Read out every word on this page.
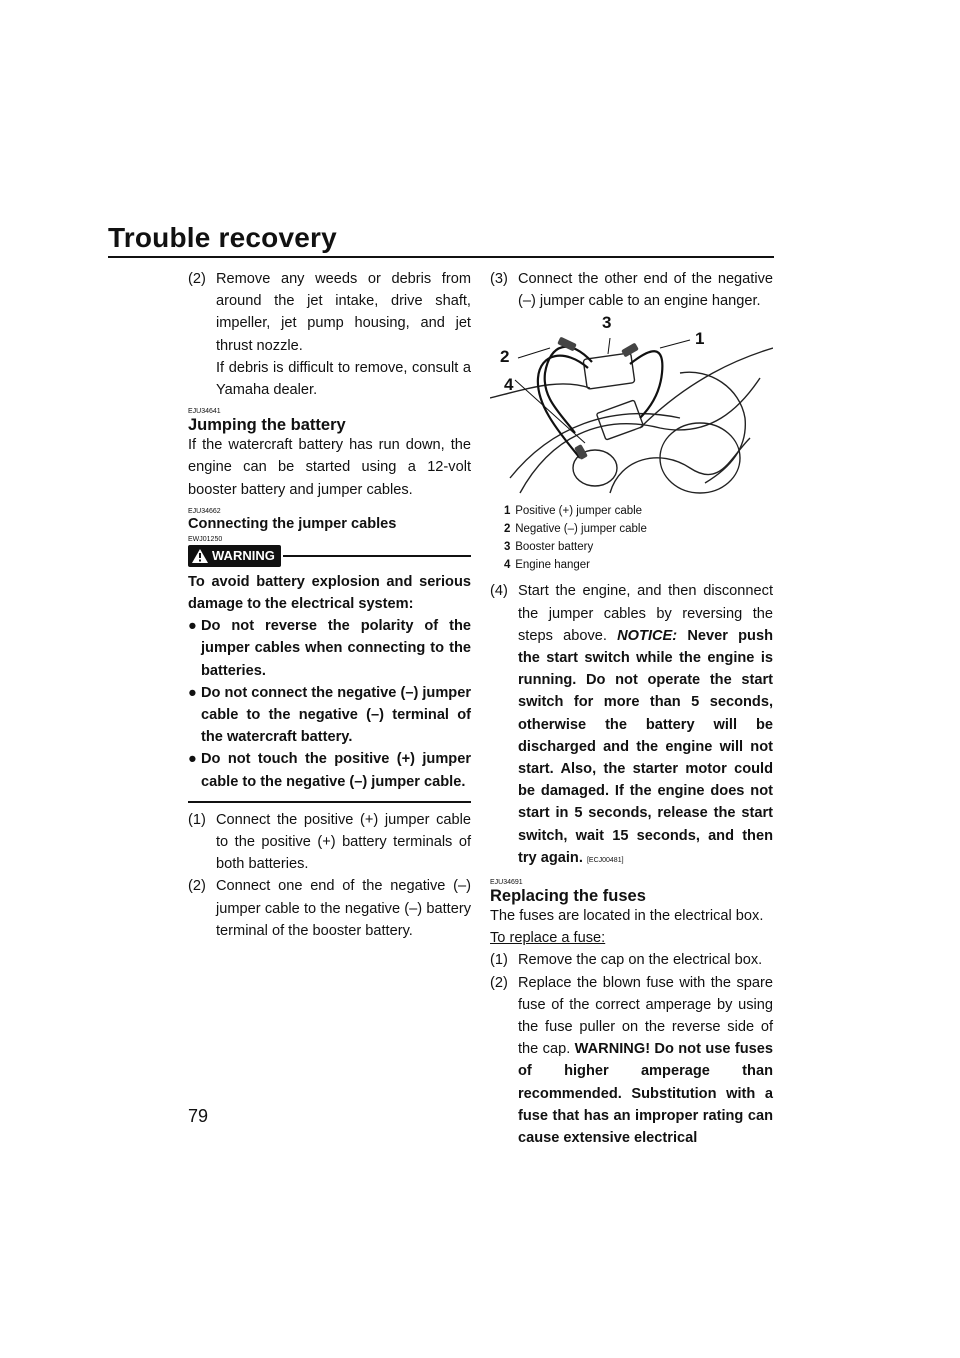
Trouble recovery
(2) Remove any weeds or debris from around the jet intake, drive shaft, impeller, jet pump housing, and jet thrust nozzle.

If debris is difficult to remove, consult a Yamaha dealer.

EJU34641
Jumping the battery

If the watercraft battery has run down, the engine can be started using a 12-volt booster battery and jumper cables.

EJU34662
Connecting the jumper cables
EWJ01250
WARNING

To avoid battery explosion and serious damage to the electrical system:

● Do not reverse the polarity of the jumper cables when connecting to the batteries.
● Do not connect the negative (–) jumper cable to the negative (–) terminal of the watercraft battery.
● Do not touch the positive (+) jumper cable to the negative (–) jumper cable.
(1) Connect the positive (+) jumper cable to the positive (+) battery terminals of both batteries.
(2) Connect one end of the negative (–) jumper cable to the negative (–) battery terminal of the booster battery.
(3) Connect the other end of the negative (–) jumper cable to an engine hanger.
1
2
3
4
1 Positive (+) jumper cable
2 Negative (–) jumper cable
3 Booster battery
4 Engine hanger
(4) Start the engine, and then disconnect the jumper cables by reversing the steps above. NOTICE: Never push the start switch while the engine is running. Do not operate the start switch for more than 5 seconds, otherwise the battery will be discharged and the engine will not start. Also, the starter motor could be damaged. If the engine does not start in 5 seconds, release the start switch, wait 15 seconds, and then try again. [ECJ00481]
EJU34691
Replacing the fuses

The fuses are located in the electrical box.

To replace a fuse:

(1) Remove the cap on the electrical box.
(2) Replace the blown fuse with the spare fuse of the correct amperage by using the fuse puller on the reverse side of the cap. WARNING! Do not use fuses of higher amperage than recommended. Substitution with a fuse that has an improper rating can cause extensive electrical
79
